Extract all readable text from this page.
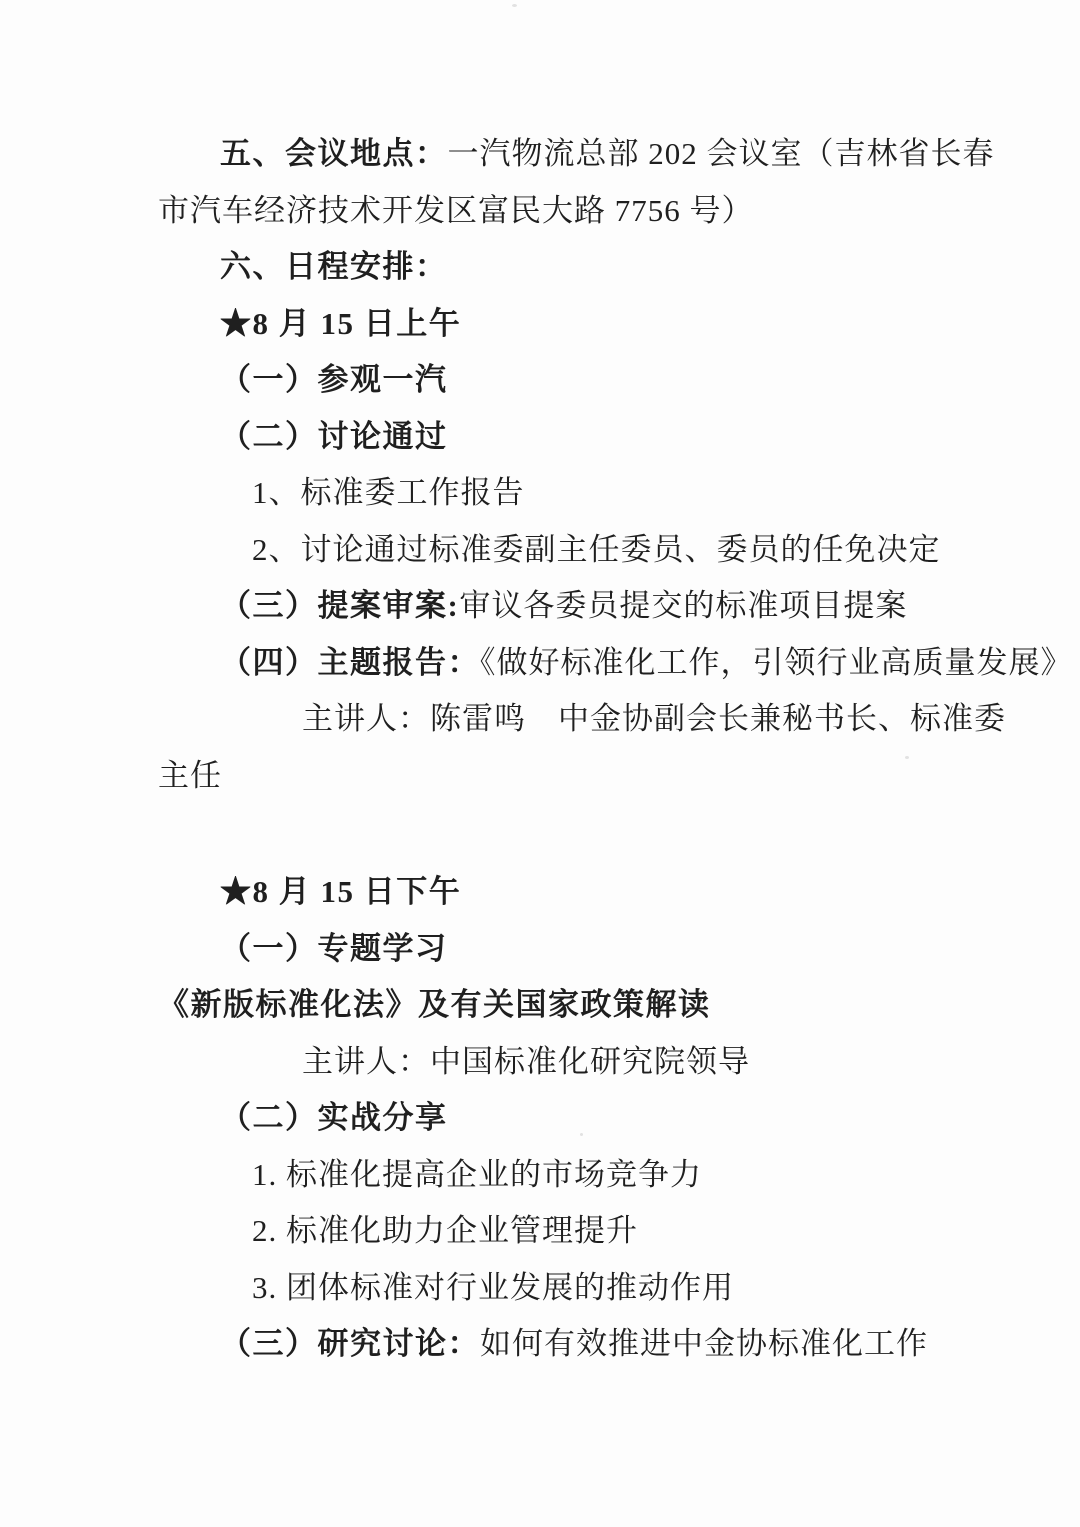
五、会议地点：一汽物流总部 202 会议室（吉林省长春
市汽车经济技术开发区富民大路 7756 号）
六、日程安排：
★8 月 15 日上午
（一）参观一汽
（二）讨论通过
1、标准委工作报告
2、讨论通过标准委副主任委员、委员的任免决定
（三）提案审案:审议各委员提交的标准项目提案
（四）主题报告：《做好标准化工作，引领行业高质量发展》
主讲人：陈雷鸣　中金协副会长兼秘书长、标准委
主任
★8 月 15 日下午
（一）专题学习
《新版标准化法》及有关国家政策解读
主讲人：中国标准化研究院领导
（二）实战分享
1. 标准化提高企业的市场竞争力
2. 标准化助力企业管理提升
3. 团体标准对行业发展的推动作用
（三）研究讨论：如何有效推进中金协标准化工作
